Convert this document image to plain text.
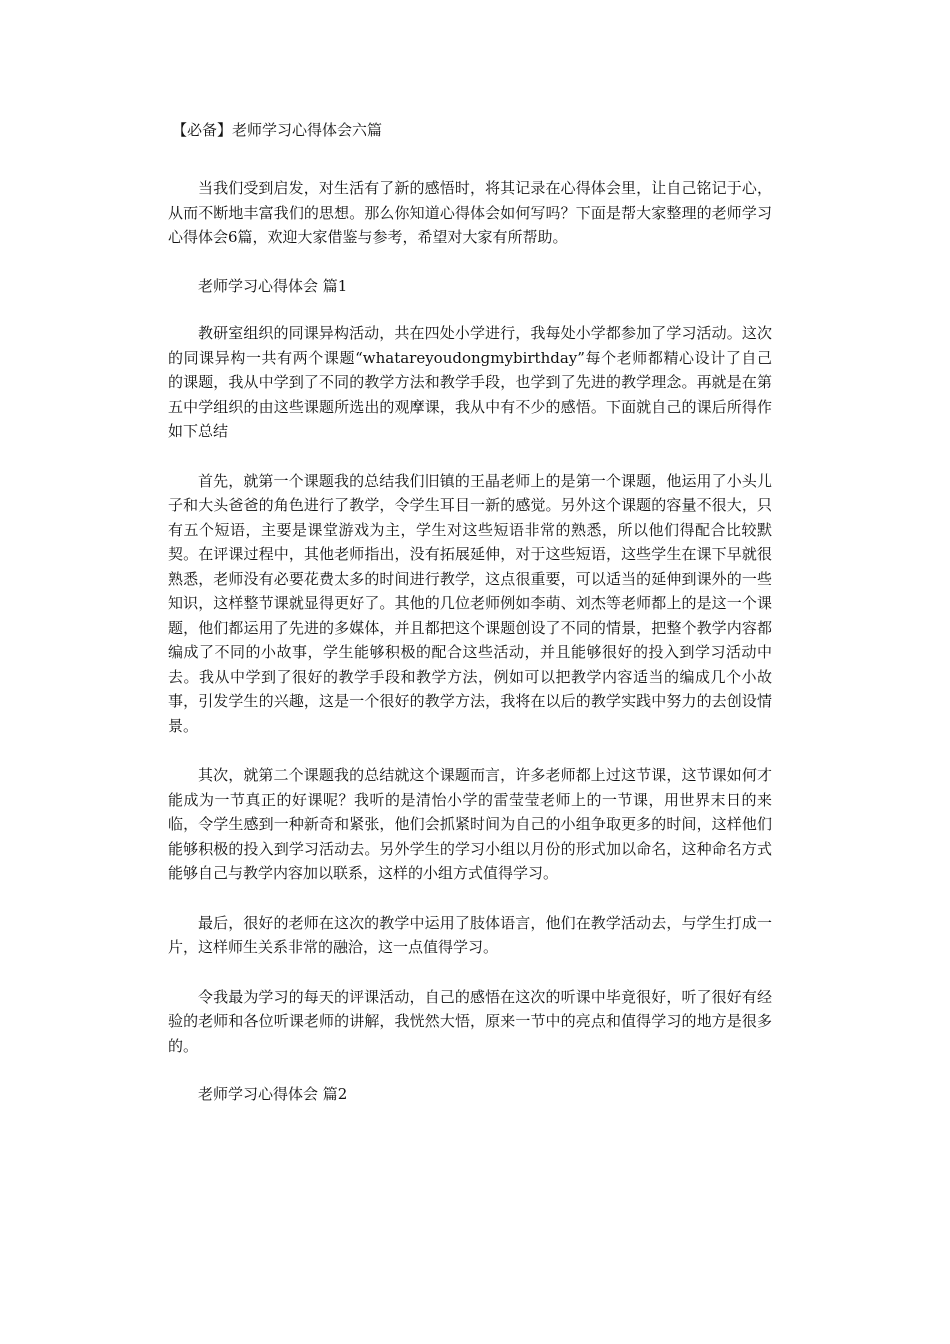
【必备】老师学习心得体会六篇

当我们受到启发，对生活有了新的感悟时，将其记录在心得体会里，让自己铭记于心，从而不断地丰富我们的思想。那么你知道心得体会如何写吗？下面是帮大家整理的老师学习心得体会6篇，欢迎大家借鉴与参考，希望对大家有所帮助。

老师学习心得体会 篇1

教研室组织的同课异构活动，共在四处小学进行，我每处小学都参加了学习活动。这次的同课异构一共有两个课题“whatareyoudongmybirthday”每个老师都精心设计了自己的课题，我从中学到了不同的教学方法和教学手段，也学到了先进的教学理念。再就是在第五中学组织的由这些课题所选出的观摩课，我从中有不少的感悟。下面就自己的课后所得作如下总结

首先，就第一个课题我的总结我们旧镇的王晶老师上的是第一个课题，他运用了小头儿子和大头爸爸的角色进行了教学，令学生耳目一新的感觉。另外这个课题的容量不很大，只有五个短语，主要是课堂游戏为主，学生对这些短语非常的熟悉，所以他们得配合比较默契。在评课过程中，其他老师指出，没有拓展延伸，对于这些短语，这些学生在课下早就很熟悉，老师没有必要花费太多的时间进行教学，这点很重要，可以适当的延伸到课外的一些知识，这样整节课就显得更好了。其他的几位老师例如李萌、刘杰等老师都上的是这一个课题，他们都运用了先进的多媒体，并且都把这个课题创设了不同的情景，把整个教学内容都编成了不同的小故事，学生能够积极的配合这些活动，并且能够很好的投入到学习活动中去。我从中学到了很好的教学手段和教学方法，例如可以把教学内容适当的编成几个小故事，引发学生的兴趣，这是一个很好的教学方法，我将在以后的教学实践中努力的去创设情景。

其次，就第二个课题我的总结就这个课题而言，许多老师都上过这节课，这节课如何才能成为一节真正的好课呢？我听的是清怡小学的雷莹莹老师上的一节课，用世界末日的来临，令学生感到一种新奇和紧张，他们会抓紧时间为自己的小组争取更多的时间，这样他们能够积极的投入到学习活动去。另外学生的学习小组以月份的形式加以命名，这种命名方式能够自己与教学内容加以联系，这样的小组方式值得学习。

最后，很好的老师在这次的教学中运用了肢体语言，他们在教学活动去，与学生打成一片，这样师生关系非常的融洽，这一点值得学习。

令我最为学习的每天的评课活动，自己的感悟在这次的听课中毕竟很好，听了很好有经验的老师和各位听课老师的讲解，我恍然大悟，原来一节中的亮点和值得学习的地方是很多的。

老师学习心得体会 篇2
